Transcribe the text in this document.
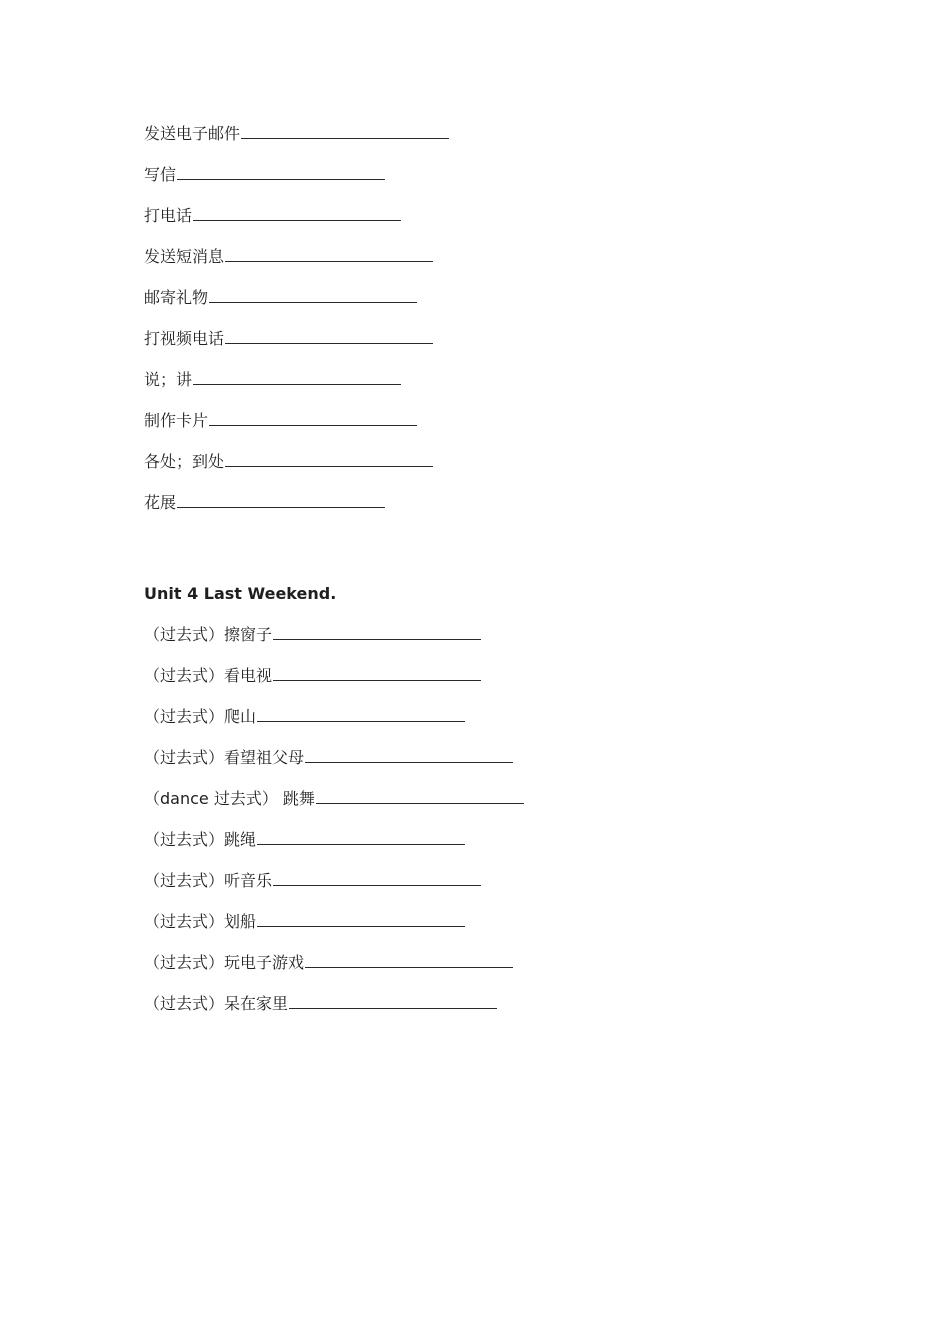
发送电子邮件
写信
打电话
发送短消息
邮寄礼物
打视频电话
说；讲
制作卡片
各处；到处
花展
Unit 4 Last Weekend.
（过去式）擦窗子
（过去式）看电视
（过去式）爬山
（过去式）看望祖父母
（dance 过去式） 跳舞
（过去式）跳绳
（过去式）听音乐
（过去式）划船
（过去式）玩电子游戏
（过去式）呆在家里
